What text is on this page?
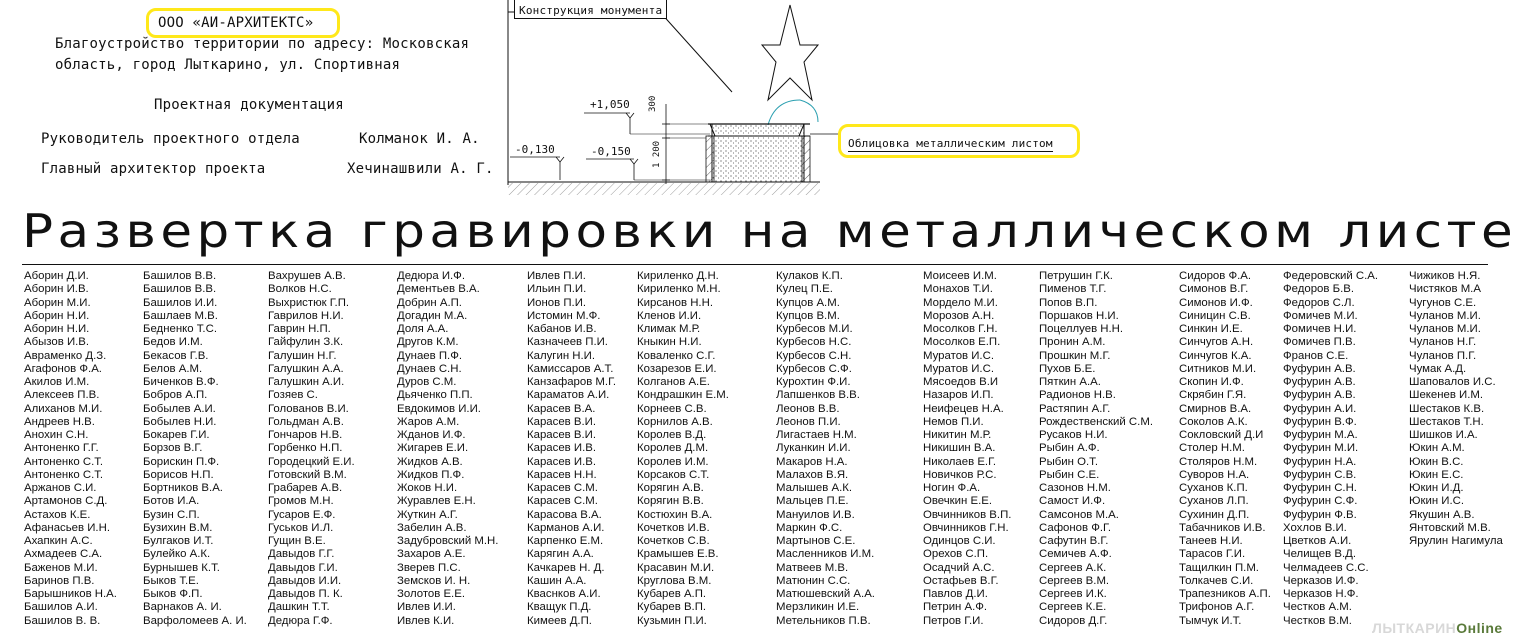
ООО «АИ-АРХИТЕКТС»
Благоустройство территории по адресу: Московская
область, город Лыткарино, ул. Спортивная
Проектная документация
Руководитель проектного отдела	Колманок И. А.
Главный архитектор проекта	Хечинашвили А. Г.
Конструкция монумента
+1,050
-0,130	-0,150
300
1 200	Облицовка металлическим листом
Развертка гравировки на металлическом листе
Аборин Д.И.
Аборин И.В.
Аборин М.И.
Аборин Н.И.
Аборин Н.И.
Абызов И.В.
Авраменко Д.З.
Агафонов Ф.А.
Акилов И.М.
Алексеев П.В.
Алиханов М.И.
Андреев Н.В.
Анохин С.Н.
Антоненко Г.Г.
Антоненко С.Т.
Антоненко С.Т.
Аржанов С.И.
Артамонов С.Д.
Астахов К.Е.
Афанасьев И.Н.
Ахапкин А.С.
Ахмадеев С.А.
Баженов М.И.
Баринов П.В.
Барышников Н.А.
Башилов А.И.
Башилов В. В.
Башилов В.В.
Башилов В.В.
Башилов И.И.
Башлаев М.В.
Бедненко Т.С.
Бедов И.М.
Бекасов Г.В.
Белов А.М.
Биченков В.Ф.
Бобров А.П.
Бобылев А.И.
Бобылев Н.И.
Бокарев Г.И.
Борзов В.Г.
Борискин П.Ф.
Борисов Н.П.
Бортников В.А.
Ботов И.А.
Бузин С.П.
Бузихин В.М.
Булгаков И.Т.
Булейко А.К.
Бурнышев К.Т.
Быков Т.Е.
Быков Ф.П.
Варнаков А. И.
Варфоломеев А. И.
Вахрушев А.В.
Волков Н.С.
Выхристюк Г.П.
Гаврилов Н.И.
Гаврин Н.П.
Гайфулин З.К.
Галушин Н.Г.
Галушкин А.А.
Галушкин А.И.
Гозяев С.
Голованов В.И.
Гольдман А.В.
Гончаров Н.В.
Горбенко Н.П.
Городецкий Е.И.
Готовский В.М.
Грабарев А.В.
Громов М.Н.
Гусаров Е.Ф.
Гуськов И.Л.
Гущин В.Е.
Давыдов Г.Г.
Давыдов Г.И.
Давыдов И.И.
Давыдов П. К.
Дашкин Т.Т.
Дедюра Г.Ф.
Дедюра И.Ф.
Дементьев В.А.
Добрин А.П.
Догадин М.А.
Доля А.А.
Другов К.М.
Дунаев П.Ф.
Дунаев С.Н.
Дуров С.М.
Дьяченко П.П.
Евдокимов И.И.
Жаров А.М.
Жданов И.Ф.
Жигарев Е.И.
Жидков А.В.
Жидков П.Ф.
Жоков Н.И.
Журавлев Е.Н.
Жуткин А.Г.
Забелин А.В.
Задубровский М.Н.
Захаров А.Е.
Зверев П.С.
Земсков И. Н.
Золотов Е.Е.
Ивлев И.И.
Ивлев К.И.
Ивлев П.И.
Ильин П.И.
Ионов П.И.
Истомин М.Ф.
Кабанов И.В.
Казначеев П.И.
Калугин Н.И.
Камиссаров А.Т.
Канзафаров М.Г.
Караматов А.И.
Карасев В.А.
Карасев В.И.
Карасев В.И.
Карасев И.В.
Карасев И.В.
Карасев Н.Н.
Карасев С.М.
Карасев С.М.
Карасова В.А.
Карманов А.И.
Карпенко Е.М.
Карягин А.А.
Качкарев Н. Д.
Кашин А.А.
Кваснков А.И.
Кващук П.Д.
Кимеев Д.П.
Кириленко Д.Н.
Кириленко М.Н.
Кирсанов Н.Н.
Кленов И.И.
Климак М.Р.
Кныкин Н.И.
Коваленко С.Г.
Козарезов Е.И.
Колганов А.Е.
Кондрашкин Е.М.
Корнеев С.В.
Корнилов А.В.
Королев В.Д.
Королев Д.М.
Королев И.М.
Корсаков С.Т.
Корягин А.В.
Корягин В.В.
Костюхин В.А.
Кочетков И.В.
Кочетков С.В.
Крамышев Е.В.
Красавин М.И.
Круглова В.М.
Кубарев А.П.
Кубарев В.П.
Кузьмин П.И.
Кулаков К.П.
Кулец П.Е.
Купцов А.М.
Купцов В.М.
Курбесов М.И.
Курбесов Н.С.
Курбесов С.Н.
Курбесов С.Ф.
Курохтин Ф.И.
Лапшенков В.В.
Леонов В.В.
Леонов П.И.
Лигастаев Н.М.
Луканкин И.И.
Макаров Н.А.
Малахов В.Я.
Малышев А.К.
Мальцев П.Е.
Мануилов И.В.
Маркин Ф.С.
Мартынов С.Е.
Масленников И.М.
Матвеев М.В.
Матюнин С.С.
Матюшевский А.А.
Мерзликин И.Е.
Метельников П.В.
Моисеев И.М.
Монахов Т.И.
Мордело М.И.
Морозов А.Н.
Мосолков Г.Н.
Мосолков Е.П.
Муратов И.С.
Муратов И.С.
Мясоедов В.И
Назаров И.П.
Неифецев Н.А.
Немов П.И.
Никитин М.Р.
Никишин В.А.
Николаев Е.Г.
Новичков Р.С.
Ногин Ф.А.
Овечкин Е.Е.
Овчинников В.П.
Овчинников Г.Н.
Одинцов С.И.
Орехов С.П.
Осадчий А.С.
Остафьев В.Г.
Павлов Д.И.
Петрин А.Ф.
Петров Г.И.
Петрушин Г.К.
Пименов Т.Г.
Попов В.П.
Поршаков Н.И.
Поцеллуев Н.Н.
Пронин А.М.
Прошкин М.Г.
Пухов Б.Е.
Пяткин А.А.
Радионов Н.В.
Растяпин А.Г.
Рождественский С.М.
Русаков Н.И.
Рыбин А.Ф.
Рыбин О.Т.
Рыбин С.Е.
Сазонов Н.М.
Самост И.Ф.
Самсонов М.А.
Сафонов Ф.Г.
Сафутин В.Г.
Семичев А.Ф.
Сергеев А.К.
Сергеев В.М.
Сергеев И.К.
Сергеев К.Е.
Сидоров Д.Г.
Сидоров Ф.А.
Симонов В.Г.
Симонов И.Ф.
Синицин С.В.
Синкин И.Е.
Синчугов А.Н.
Синчугов К.А.
Ситников М.И.
Скопин И.Ф.
Скрябин Г.Я.
Смирнов В.А.
Соколов А.К.
Сокловский Д.И
Столер Н.М.
Столяров Н.М.
Суворов Н.А.
Суханов К.П.
Суханов Л.П.
Сухинин Д.П.
Табачников И.В.
Танеев Н.И.
Тарасов Г.И.
Тащилкин П.М.
Толкачев С.И.
Трапезников А.П.
Трифонов А.Г.
Тымчук И.Т.
Федеровский С.А.
Федоров Б.В.
Федоров С.Л.
Фомичев М.И.
Фомичев Н.И.
Фомичев П.В.
Франов С.Е.
Фуфурин А.В.
Фуфурин А.В.
Фуфурин А.В.
Фуфурин А.И.
Фуфурин В.Ф.
Фуфурин М.А.
Фуфурин М.И.
Фуфурин Н.А.
Фуфурин С.В.
Фуфурин С.Н.
Фуфурин С.Ф.
Фуфурин Ф.В.
Хохлов В.И.
Цветков А.И.
Челищев В.Д.
Челмадеев С.С.
Черказов И.Ф.
Черказов Н.Ф.
Честков А.М.
Честков В.М.
Чижиков Н.Я.
Чистяков М.А
Чугунов С.Е.
Чуланов М.И.
Чуланов М.И.
Чуланов Н.Г.
Чуланов П.Г.
Чумак А.Д.
Шаповалов И.С.
Шекенев И.М.
Шестаков К.В.
Шестаков Т.Н.
Шишков И.А.
Юкин А.М.
Юкин В.С.
Юкин Е.С.
Юкин И.Д.
Юкин И.С.
Якушин А.В.
Янтовский М.В.
Ярулин Нагимула
ЛЫТКАРИНОнline
